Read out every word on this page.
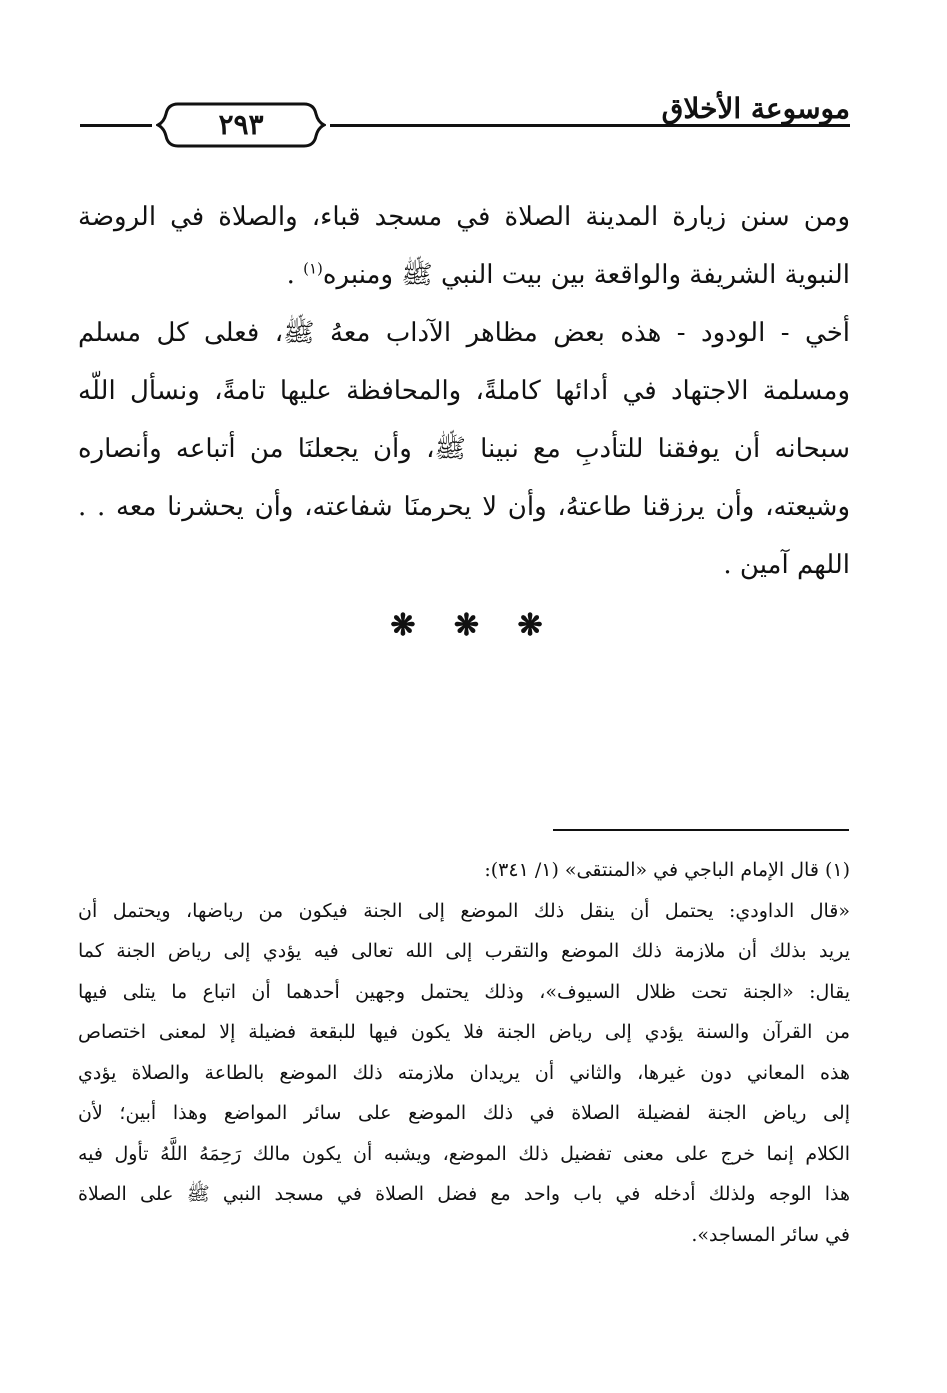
٢٩٣	موسوعة الأخلاق
ومن سنن زيارة المدينة الصلاة في مسجد قباء، والصلاة في الروضة
النبوية الشريفة والواقعة بين بيت النبي ﷺ ومنبره$^{(١)}$ .
أخي - الودود - هذه بعض مظاهر الآداب معهُ ﷺ، فعلى كل مسلم
ومسلمة الاجتهاد في أدائها كاملةً، والمحافظة عليها تامةً، ونسأل اللّه
سبحانه أن يوفقنا للتأدبِ مع نبينا ﷺ، وأن يجعلنَا من أتباعه وأنصاره
وشيعته، وأن يرزقنا طاعتهُ، وأن لا يحرمنَا شفاعته، وأن يحشرنا معه . .
اللهم آمين .
❋ ❋ ❋
(١) قال الإمام الباجي في «المنتقى» (١/ ٣٤١):
«قال الداودي: يحتمل أن ينقل ذلك الموضع إلى الجنة فيكون من رياضها، ويحتمل أن
يريد بذلك أن ملازمة ذلك الموضع والتقرب إلى الله تعالى فيه يؤدي إلى رياض الجنة كما
يقال: «الجنة تحت ظلال السيوف»، وذلك يحتمل وجهين أحدهما أن اتباع ما يتلى فيها
من القرآن والسنة يؤدي إلى رياض الجنة فلا يكون فيها للبقعة فضيلة إلا لمعنى اختصاص
هذه المعاني دون غيرها، والثاني أن يريدان ملازمته ذلك الموضع بالطاعة والصلاة يؤدي
إلى رياض الجنة لفضيلة الصلاة في ذلك الموضع على سائر المواضع وهذا أبين؛ لأن
الكلام إنما خرج على معنى تفضيل ذلك الموضع، ويشبه أن يكون مالك رَحِمَهُ اللَّهُ تأول فيه
هذا الوجه ولذلك أدخله في باب واحد مع فضل الصلاة في مسجد النبي ﷺ على الصلاة
في سائر المساجد».
